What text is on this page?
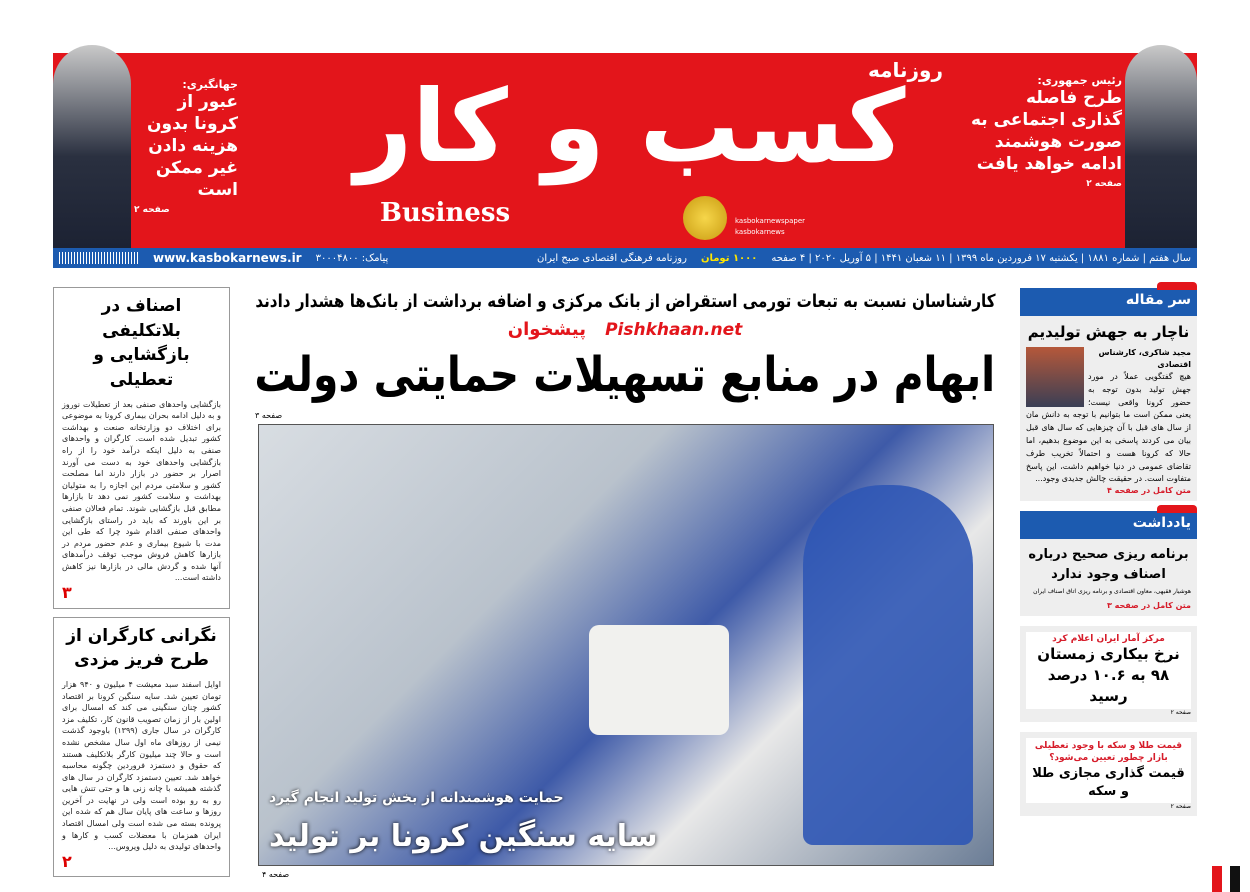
رئیس جمهوری:
طرح فاصله گذاری اجتماعی به صورت هوشمند ادامه خواهد یافت
صفحه ۲
جهانگیری:
عبور از کرونا بدون هزینه دادن غیر ممکن است
صفحه ۲
کسب و کار
روزنامه
Business	kasbokarnewspaper
kasbokarnews
سال هفتم | شماره ۱۸۸۱ | یکشنبه ۱۷ فروردین ماه ۱۳۹۹ | ۱۱ شعبان ۱۴۴۱ | ۵ آوریل ۲۰۲۰ | ۴ صفحه
۱۰۰۰ تومان
روزنامه فرهنگی اقتصادی صبح ایران
پیامک: ۳۰۰۰۴۸۰۰
www.kasbokarnews.ir
کارشناسان نسبت به تبعات تورمی استقراض از بانک مرکزی و اضافه برداشت از بانک‌ها هشدار دادند
Pishkhaan.net پیشخوان
ابهام در منابع تسهیلات حمایتی دولت
صفحه ۳
حمایت هوشمندانه از بخش تولید انجام گیرد
سایه سنگین کرونا بر تولید
صفحه ۴
اصناف در بلاتکلیفی بازگشایی و تعطیلی

بازگشایی واحدهای صنفی بعد از تعطیلات نوروز و به دلیل ادامه بحران بیماری کرونا به موضوعی برای اختلاف دو وزارتخانه صنعت و بهداشت کشور تبدیل شده است. کارگران و واحدهای صنفی به دلیل اینکه درآمد خود را از راه بازگشایی واحدهای خود به دست می آورند اصرار بر حضور در بازار دارند اما مصلحت کشور و سلامتی مردم این اجازه را به متولیان بهداشت و سلامت کشور نمی دهد تا بازارها مطابق قبل بازگشایی شوند. تمام فعالان صنفی بر این باورند که باید در راستای بازگشایی واحدهای صنفی اقدام شود چرا که طی این مدت با شیوع بیماری و عدم حضور مردم در بازارها کاهش فروش موجب توقف درآمدهای آنها شده و گردش مالی در بازارها نیز کاهش داشته است...

۳
نگرانی کارگران از طرح فریز مزدی

اوایل اسفند سبد معیشت ۴ میلیون و ۹۴۰ هزار تومان تعیین شد. سایه سنگین کرونا بر اقتصاد کشور چنان سنگینی می کند که امسال برای اولین بار از زمان تصویب قانون کار، تکلیف مزد کارگران در سال جاری (۱۳۹۹) باوجود گذشت نیمی از روزهای ماه اول سال مشخص نشده است و حالا چند میلیون کارگر بلاتکلیف هستند که حقوق و دستمزد فروردین چگونه محاسبه خواهد شد. تعیین دستمزد کارگران در سال های گذشته همیشه با چانه زنی ها و حتی تنش هایی رو به رو بوده است ولی در نهایت در آخرین روزها و ساعت های پایان سال هم که شده این پرونده بسته می شده است ولی امسال اقتصاد ایران همزمان با معضلات کسب و کارها و واحدهای تولیدی به دلیل ویروس...

۲
سر مقاله
ناچار به جهش تولیدیم
مجید شاکری، کارشناس اقتصادی

هیچ گفتگویی عملاً در مورد جهش تولید بدون توجه به حضور کرونا واقعی نیست؛ یعنی ممکن است ما بتوانیم با توجه به دانش مان از سال های قبل با آن چیزهایی که سال های قبل بیان می کردند پاسخی به این موضوع بدهیم، اما حالا که کرونا هست و احتمالاً تخریب طرف تقاضای عمومی در دنیا خواهیم داشت، این پاسخ متفاوت است. در حقیقت چالش جدیدی وجود...

متن کامل در صفحه ۴
یادداشت
برنامه ریزی صحیح درباره اصناف وجود ندارد
هوشیار فقیهی، معاون اقتصادی و برنامه ریزی اتاق اصناف ایران
متن کامل در صفحه ۳
مرکز آمار ایران اعلام کرد
نرخ بیکاری زمستان ۹۸ به ۱۰.۶ درصد رسید
صفحه ۲
قیمت طلا و سکه با وجود تعطیلی بازار چطور تعیین می‌شود؟
قیمت گذاری مجازی طلا و سکه
صفحه ۲
